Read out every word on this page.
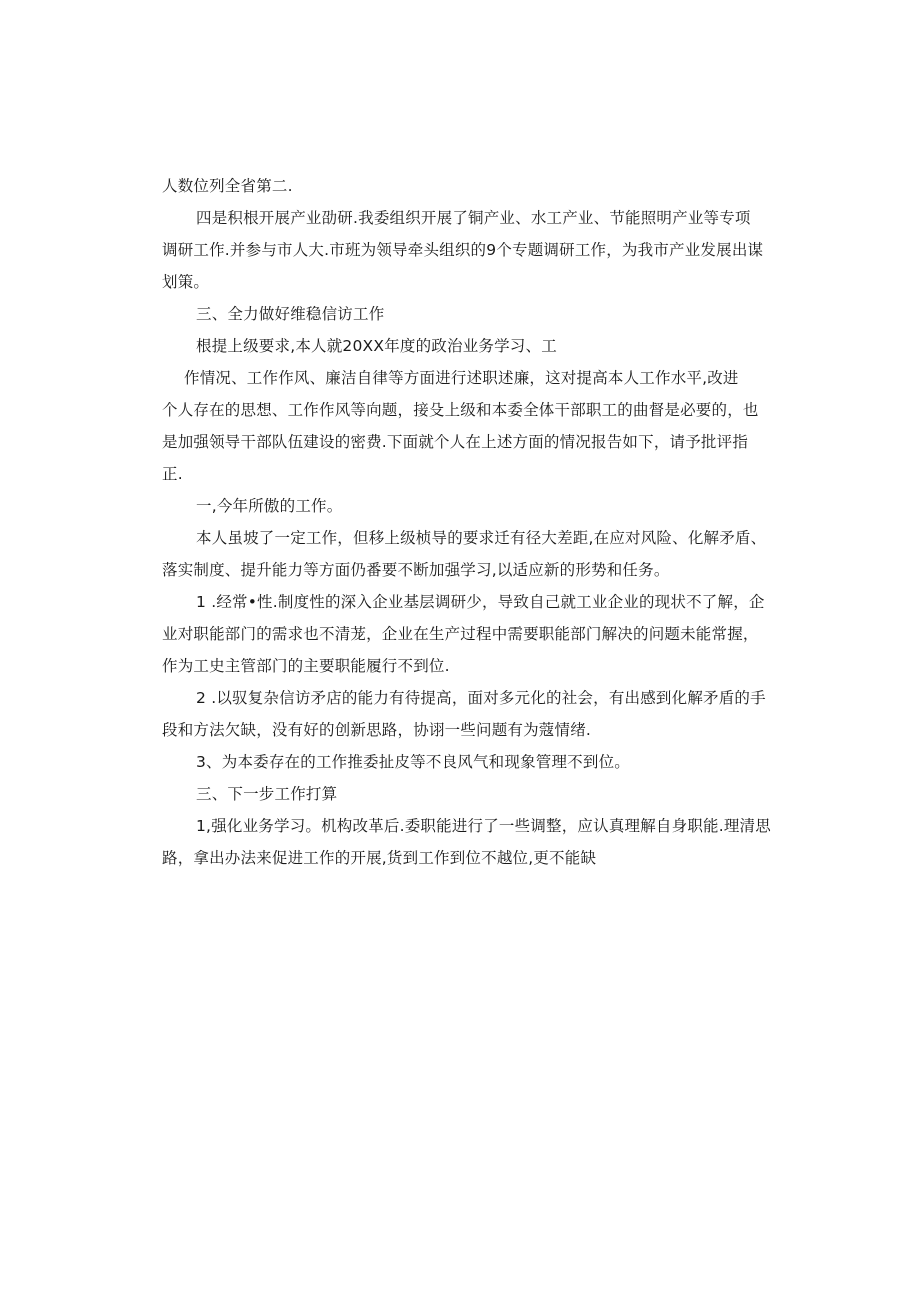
人数位列全省第二.

四是积根开展产业劭研.我委组织开展了铜产业、水工产业、节能照明产业等专项

调研工作.并参与市人大.市班为领导牵头组织的9个专题调研工作，为我市产业发展出谋

划策。

三、全力做好维稳信访工作

根提上级要求,本人就20XX年度的政治业务学习、工

作情况、工作作风、廉洁自律等方面进行述职述廉，这对提高本人工作水平,改进

个人存在的思想、工作作风等向题，接殳上级和本委全体干部职工的曲督是必要的，也

是加强领导干部队伍建设的密费.下面就个人在上述方面的情况报告如下，请予批评指

正.

一,今年所傲的工作。

本人虽坡了一定工作，但移上级桢导的要求迁有径大差距,在应对风险、化解矛盾、

落实制度、提升能力等方面仍番要不断加强学习,以适应新的形势和任务。

1 .经常•性.制度性的深入企业基层调研少，导致自己就工业企业的现状不了解，企

业对职能部门的需求也不清茏，企业在生产过程中需要职能部门解决的问题未能常握，

作为工史主管部门的主要职能履行不到位.

2 .以驭复杂信访矛店的能力有待提高，面对多元化的社会，有出感到化解矛盾的手

段和方法欠缺，没有好的创新思路，协诩一些问题有为蔻情绪.

3、为本委存在的工作推委扯皮等不良风气和现象管理不到位。

三、下一步工作打算

1,强化业务学习。机构改革后.委职能进行了一些调整，应认真理解自身职能.理清思

路，拿出办法来促进工作的开展,货到工作到位不越位,更不能缺
